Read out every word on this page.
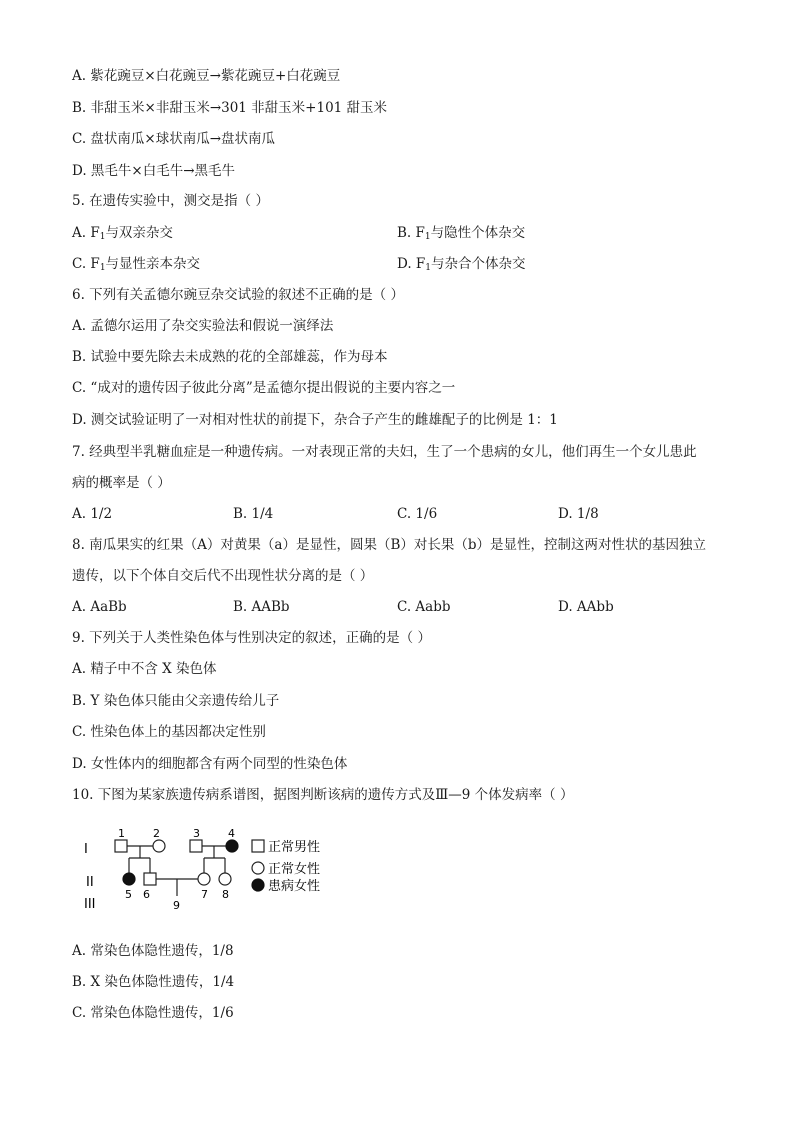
A. 紫花豌豆×白花豌豆→紫花豌豆+白花豌豆
B. 非甜玉米×非甜玉米→301 非甜玉米+101 甜玉米
C. 盘状南瓜×球状南瓜→盘状南瓜
D. 黑毛牛×白毛牛→黑毛牛
5. 在遗传实验中，测交是指（ ）
A. $F_1$与双亲杂交	B. $F_1$与隐性个体杂交
C. $F_1$与显性亲本杂交	D. $F_1$与杂合个体杂交
6. 下列有关孟德尔豌豆杂交试验的叙述不正确的是（ ）
A. 孟德尔运用了杂交实验法和假说一演绎法
B. 试验中要先除去未成熟的花的全部雄蕊，作为母本
C. “成对的遗传因子彼此分离”是孟德尔提出假说的主要内容之一
D. 测交试验证明了一对相对性状的前提下，杂合子产生的雌雄配子的比例是 1：1
7. 经典型半乳糖血症是一种遗传病。一对表现正常的夫妇，生了一个患病的女儿，他们再生一个女儿患此
病的概率是（ ）
A. 1/2	B. 1/4	C. 1/6	D. 1/8
8. 南瓜果实的红果（A）对黄果（a）是显性，圆果（B）对长果（b）是显性，控制这两对性状的基因独立
遗传，以下个体自交后代不出现性状分离的是（ ）
A. AaBb	B. AABb	C. Aabb	D. AAbb
9. 下列关于人类性染色体与性别决定的叙述，正确的是（ ）
A. 精子中不含 X 染色体
B. Y 染色体只能由父亲遗传给儿子
C. 性染色体上的基因都决定性别
D. 女性体内的细胞都含有两个同型的性染色体
10. 下图为某家族遗传病系谱图，据图判断该病的遗传方式及Ⅲ—9 个体发病率（ ）
I
II
III
1	2	3	4
5 6	7 8
9
正常男性
正常女性
患病女性
A. 常染色体隐性遗传，1/8
B. X 染色体隐性遗传，1/4
C. 常染色体隐性遗传，1/6
